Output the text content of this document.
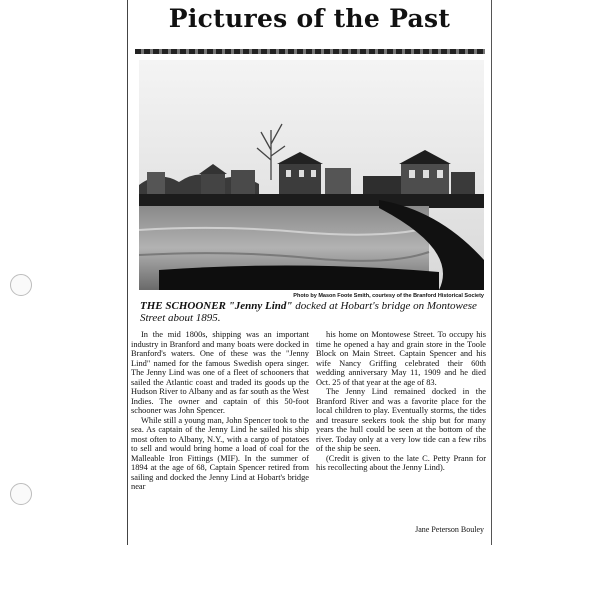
Pictures of the Past
Photo by Mason Foote Smith, courtesy of the Branford Historical Society
THE SCHOONER "Jenny Lind" docked at Hobart's bridge on Montowese Street about 1895.

In the mid 1800s, shipping was an important industry in Branford and many boats were docked in Branford's waters. One of these was the "Jenny Lind" named for the famous Swedish opera singer. The Jenny Lind was one of a fleet of schooners that sailed the Atlantic coast and traded its goods up the Hudson River to Albany and as far south as the West Indies. The owner and captain of this 50-foot schooner was John Spencer.

While still a young man, John Spencer took to the sea. As captain of the Jenny Lind he sailed his ship most often to Albany, N.Y., with a cargo of potatoes to sell and would bring home a load of coal for the Malleable Iron Fittings (MIF). In the summer of 1894 at the age of 68, Captain Spencer retired from sailing and docked the Jenny Lind at Hobart's bridge near

his home on Montowese Street. To occupy his time he opened a hay and grain store in the Toole Block on Main Street. Captain Spencer and his wife Nancy Griffing celebrated their 60th wedding anniversary May 11, 1909 and he died Oct. 25 of that year at the age of 83.

The Jenny Lind remained docked in the Branford River and was a favorite place for the local children to play. Eventually storms, the tides and treasure seekers took the ship but for many years the hull could be seen at the bottom of the river. Today only at a very low tide can a few ribs of the ship be seen.

(Credit is given to the late C. Petty Prann for his recollecting about the Jenny Lind).

Jane Peterson Bouley
